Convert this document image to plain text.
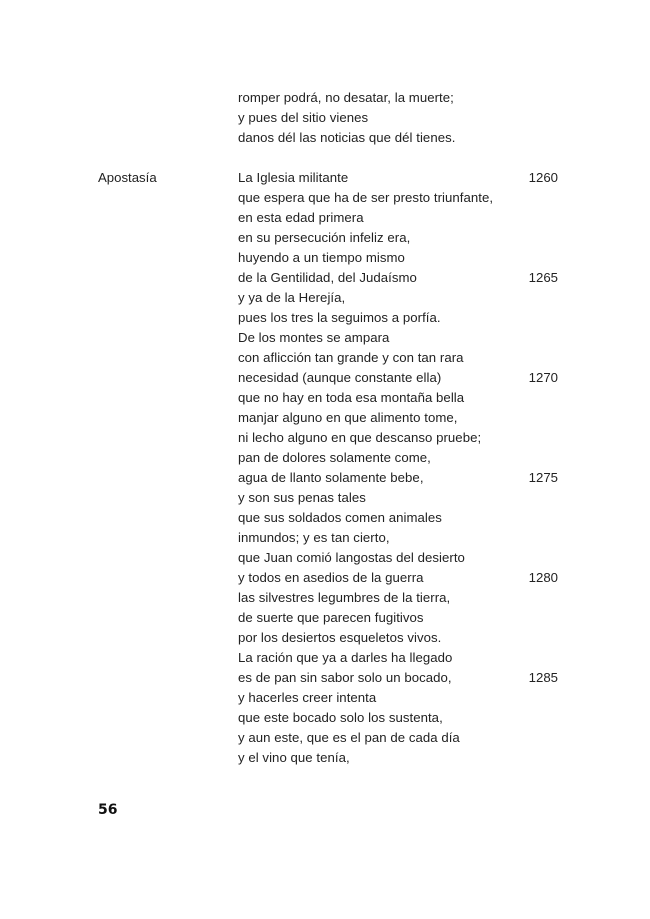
romper podrá, no desatar, la muerte;
y pues del sitio vienes
danos dél las noticias que dél tienes.
Apostasía	La Iglesia militante
que espera que ha de ser presto triunfante,
en esta edad primera
en su persecución infeliz era,
huyendo a un tiempo mismo
de la Gentilidad, del Judaísmo
y ya de la Herejía,
pues los tres la seguimos a porfía.
De los montes se ampara
con aflicción tan grande y con tan rara
necesidad (aunque constante ella)
que no hay en toda esa montaña bella
manjar alguno en que alimento tome,
ni lecho alguno en que descanso pruebe;
pan de dolores solamente come,
agua de llanto solamente bebe,
y son sus penas tales
que sus soldados comen animales
inmundos; y es tan cierto,
que Juan comió langostas del desierto
y todos en asedios de la guerra
las silvestres legumbres de la tierra,
de suerte que parecen fugitivos
por los desiertos esqueletos vivos.
La ración que ya a darles ha llegado
es de pan sin sabor solo un bocado,
y hacerles creer intenta
que este bocado solo los sustenta,
y aun este, que es el pan de cada día
y el vino que tenía,
1260
1265
1270
1275
1280
1285
56
